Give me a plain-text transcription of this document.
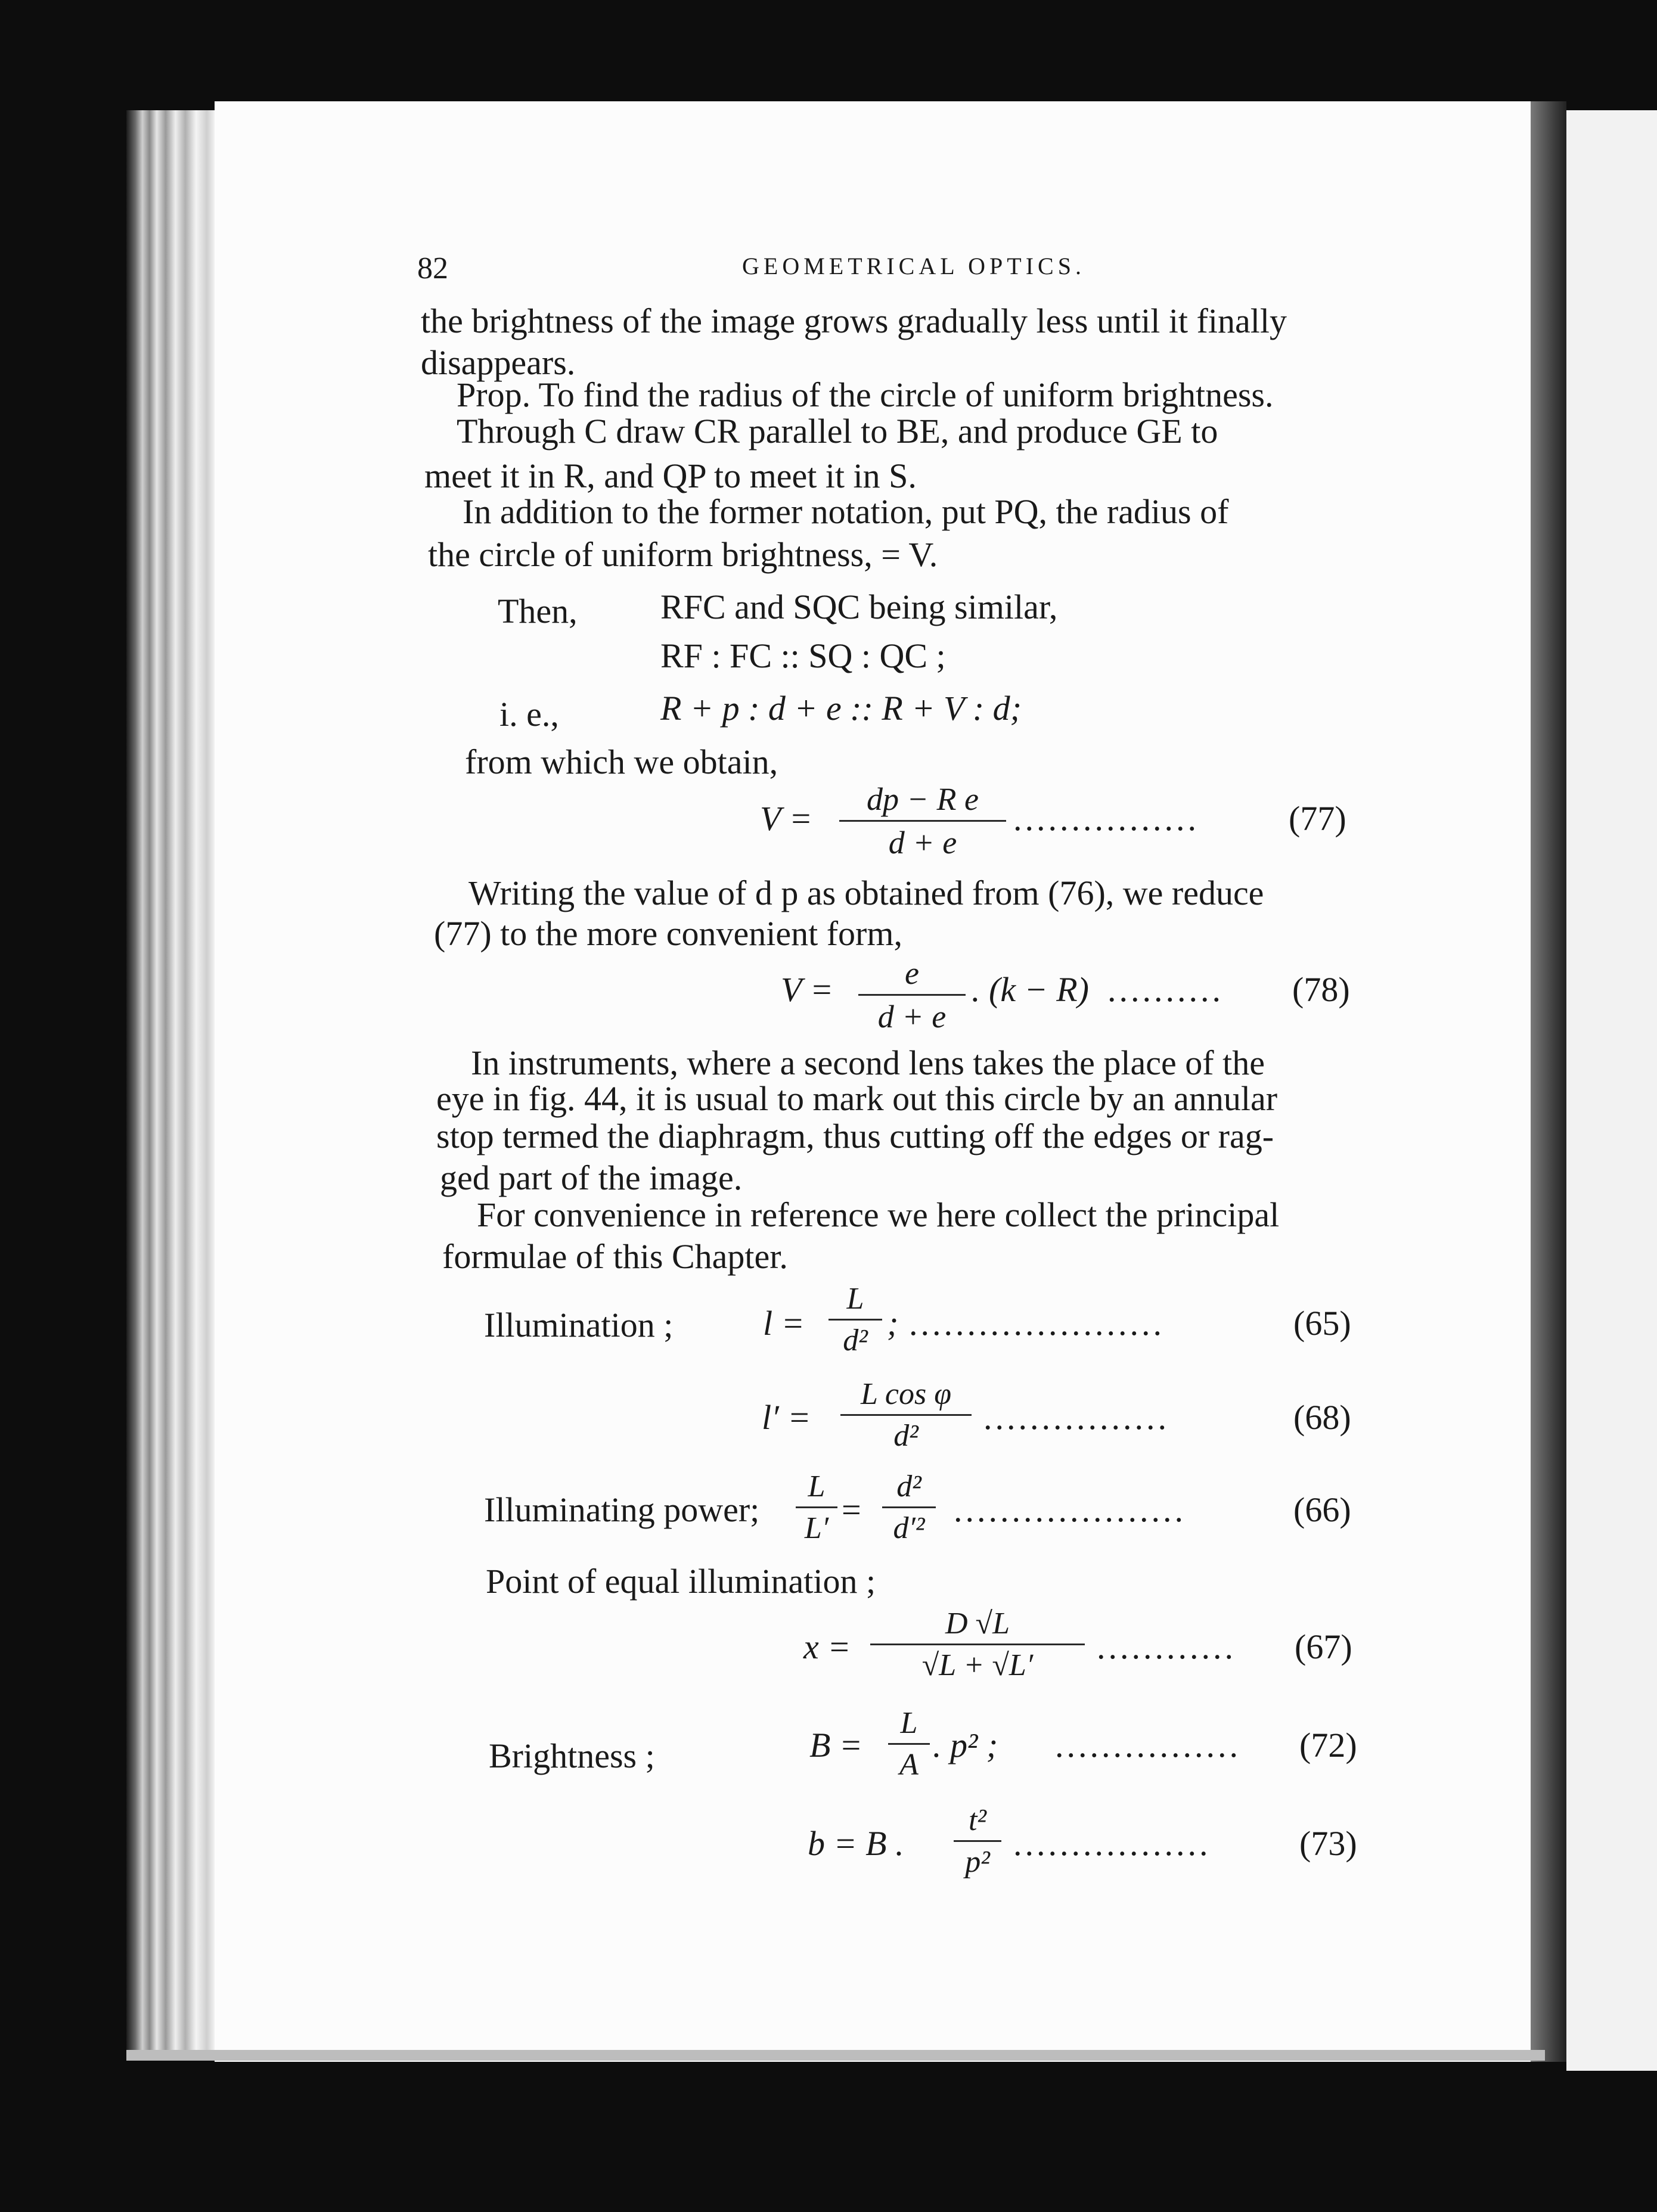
82	GEOMETRICAL OPTICS.
the brightness of the image grows gradually less until it finally
disappears.
Prop. To find the radius of the circle of uniform brightness.
Through C draw CR parallel to BE, and produce GE to
meet it in R, and QP to meet it in S.
In addition to the former notation, put PQ, the radius of
the circle of uniform brightness, = V.
Then, RFC and SQC being similar,
RF : FC :: SQ : QC ;
i. e.,	R + p : d + e :: R + V : d;
from which we obtain,
V =	dp − R e
d + e
................	(77)
Writing the value of d p as obtained from (76), we reduce
(77) to the more convenient form,
V =	e
d + e
. (k − R) .......... (78)
In instruments, where a second lens takes the place of the
eye in fig. 44, it is usual to mark out this circle by an annular
stop termed the diaphragm, thus cutting off the edges or rag-
ged part of the image.
For convenience in reference we here collect the principal
formulae of this Chapter.
Illumination ;	l =
L
d² ; ......................	(65)
l′ =
L cos φ
d²	................	(68)
Illuminating power;
L
L′ =
d²
d′² ....................	(66)
Point of equal illumination ;
x =
D √L
√L + √L′	............ (67)
Brightness ;	B =
L
A
. p² ; ................ (72)
b = B .
t²
p² .................	(73)
